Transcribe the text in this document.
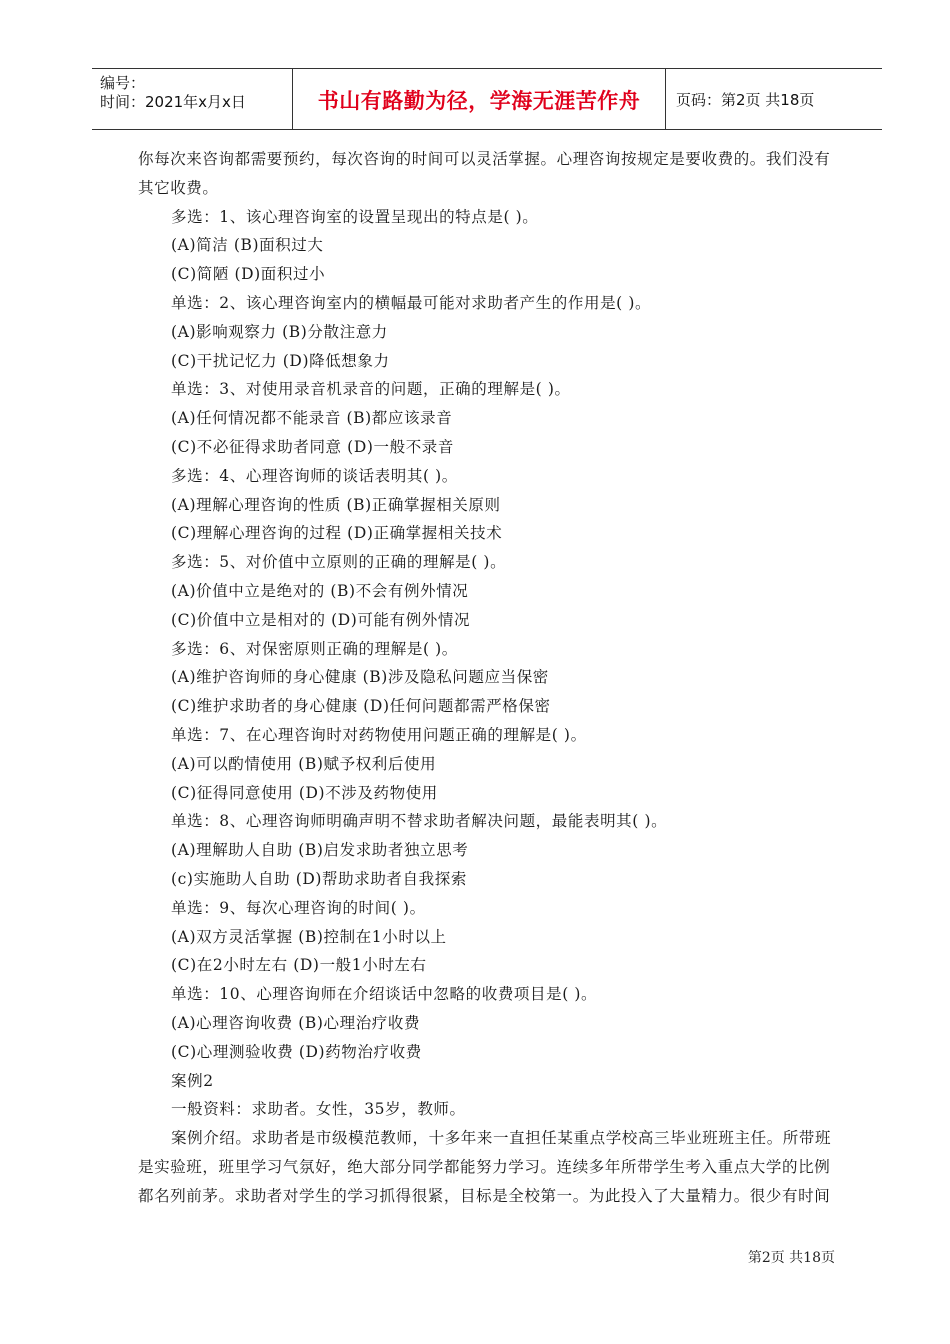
编号：
时间：2021年x月x日	书山有路勤为径，学海无涯苦作舟	页码：第2页 共18页

你每次来咨询都需要预约，每次咨询的时间可以灵活掌握。心理咨询按规定是要收费的。我们没有

其它收费。

多选：1、该心理咨询室的设置呈现出的特点是( )。

(A)简洁 (B)面积过大

(C)简陋 (D)面积过小

单选：2、该心理咨询室内的横幅最可能对求助者产生的作用是( )。

(A)影响观察力 (B)分散注意力

(C)干扰记忆力 (D)降低想象力

单选：3、对使用录音机录音的问题，正确的理解是( )。

(A)任何情况都不能录音 (B)都应该录音

(C)不必征得求助者同意 (D)一般不录音

多选：4、心理咨询师的谈话表明其( )。

(A)理解心理咨询的性质 (B)正确掌握相关原则

(C)理解心理咨询的过程 (D)正确掌握相关技术

多选：5、对价值中立原则的正确的理解是( )。

(A)价值中立是绝对的 (B)不会有例外情况

(C)价值中立是相对的 (D)可能有例外情况

多选：6、对保密原则正确的理解是( )。

(A)维护咨询师的身心健康 (B)涉及隐私问题应当保密

(C)维护求助者的身心健康 (D)任何问题都需严格保密

单选：7、在心理咨询时对药物使用问题正确的理解是( )。

(A)可以酌情使用 (B)赋予权利后使用

(C)征得同意使用 (D)不涉及药物使用

单选：8、心理咨询师明确声明不替求助者解决问题，最能表明其( )。

(A)理解助人自助 (B)启发求助者独立思考

(c)实施助人自助 (D)帮助求助者自我探索

单选：9、每次心理咨询的时间( )。

(A)双方灵活掌握 (B)控制在1小时以上

(C)在2小时左右 (D)一般1小时左右

单选：10、心理咨询师在介绍谈话中忽略的收费项目是( )。

(A)心理咨询收费 (B)心理治疗收费

(C)心理测验收费 (D)药物治疗收费

案例2

一般资料：求助者。女性，35岁，教师。

案例介绍。求助者是市级模范教师，十多年来一直担任某重点学校高三毕业班班主任。所带班

是实验班，班里学习气氛好，绝大部分同学都能努力学习。连续多年所带学生考入重点大学的比例

都名列前茅。求助者对学生的学习抓得很紧，目标是全校第一。为此投入了大量精力。很少有时间

第2页 共18页
